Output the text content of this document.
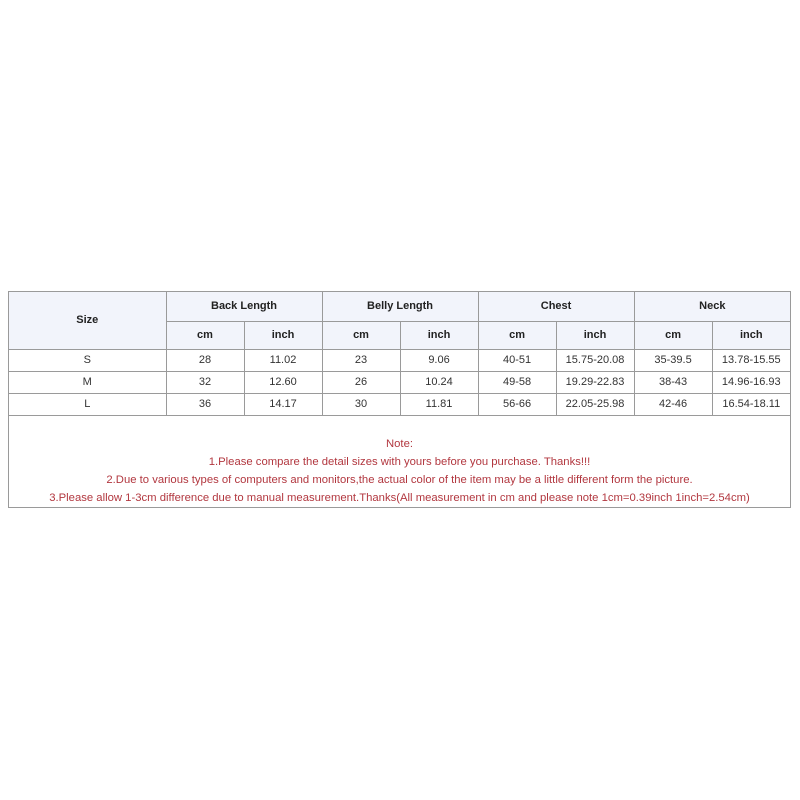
Size	Back Length		Belly Length		Chest		Neck	
	cm	inch	cm	inch	cm	inch	cm	inch
S	28	11.02	23	9.06	40-51	15.75-20.08	35-39.5	13.78-15.55
M	32	12.60	26	10.24	49-58	19.29-22.83	38-43	14.96-16.93
L	36	14.17	30	11.81	56-66	22.05-25.98	42-46	16.54-18.11
Note:
1.Please compare the detail sizes with yours before you purchase. Thanks!!!
2.Due to various types of computers and monitors,the actual color of the item may be a little different form the picture.
3.Please allow 1-3cm difference due to manual measurement.Thanks(All measurement in cm and please note 1cm=0.39inch 1inch=2.54cm)
